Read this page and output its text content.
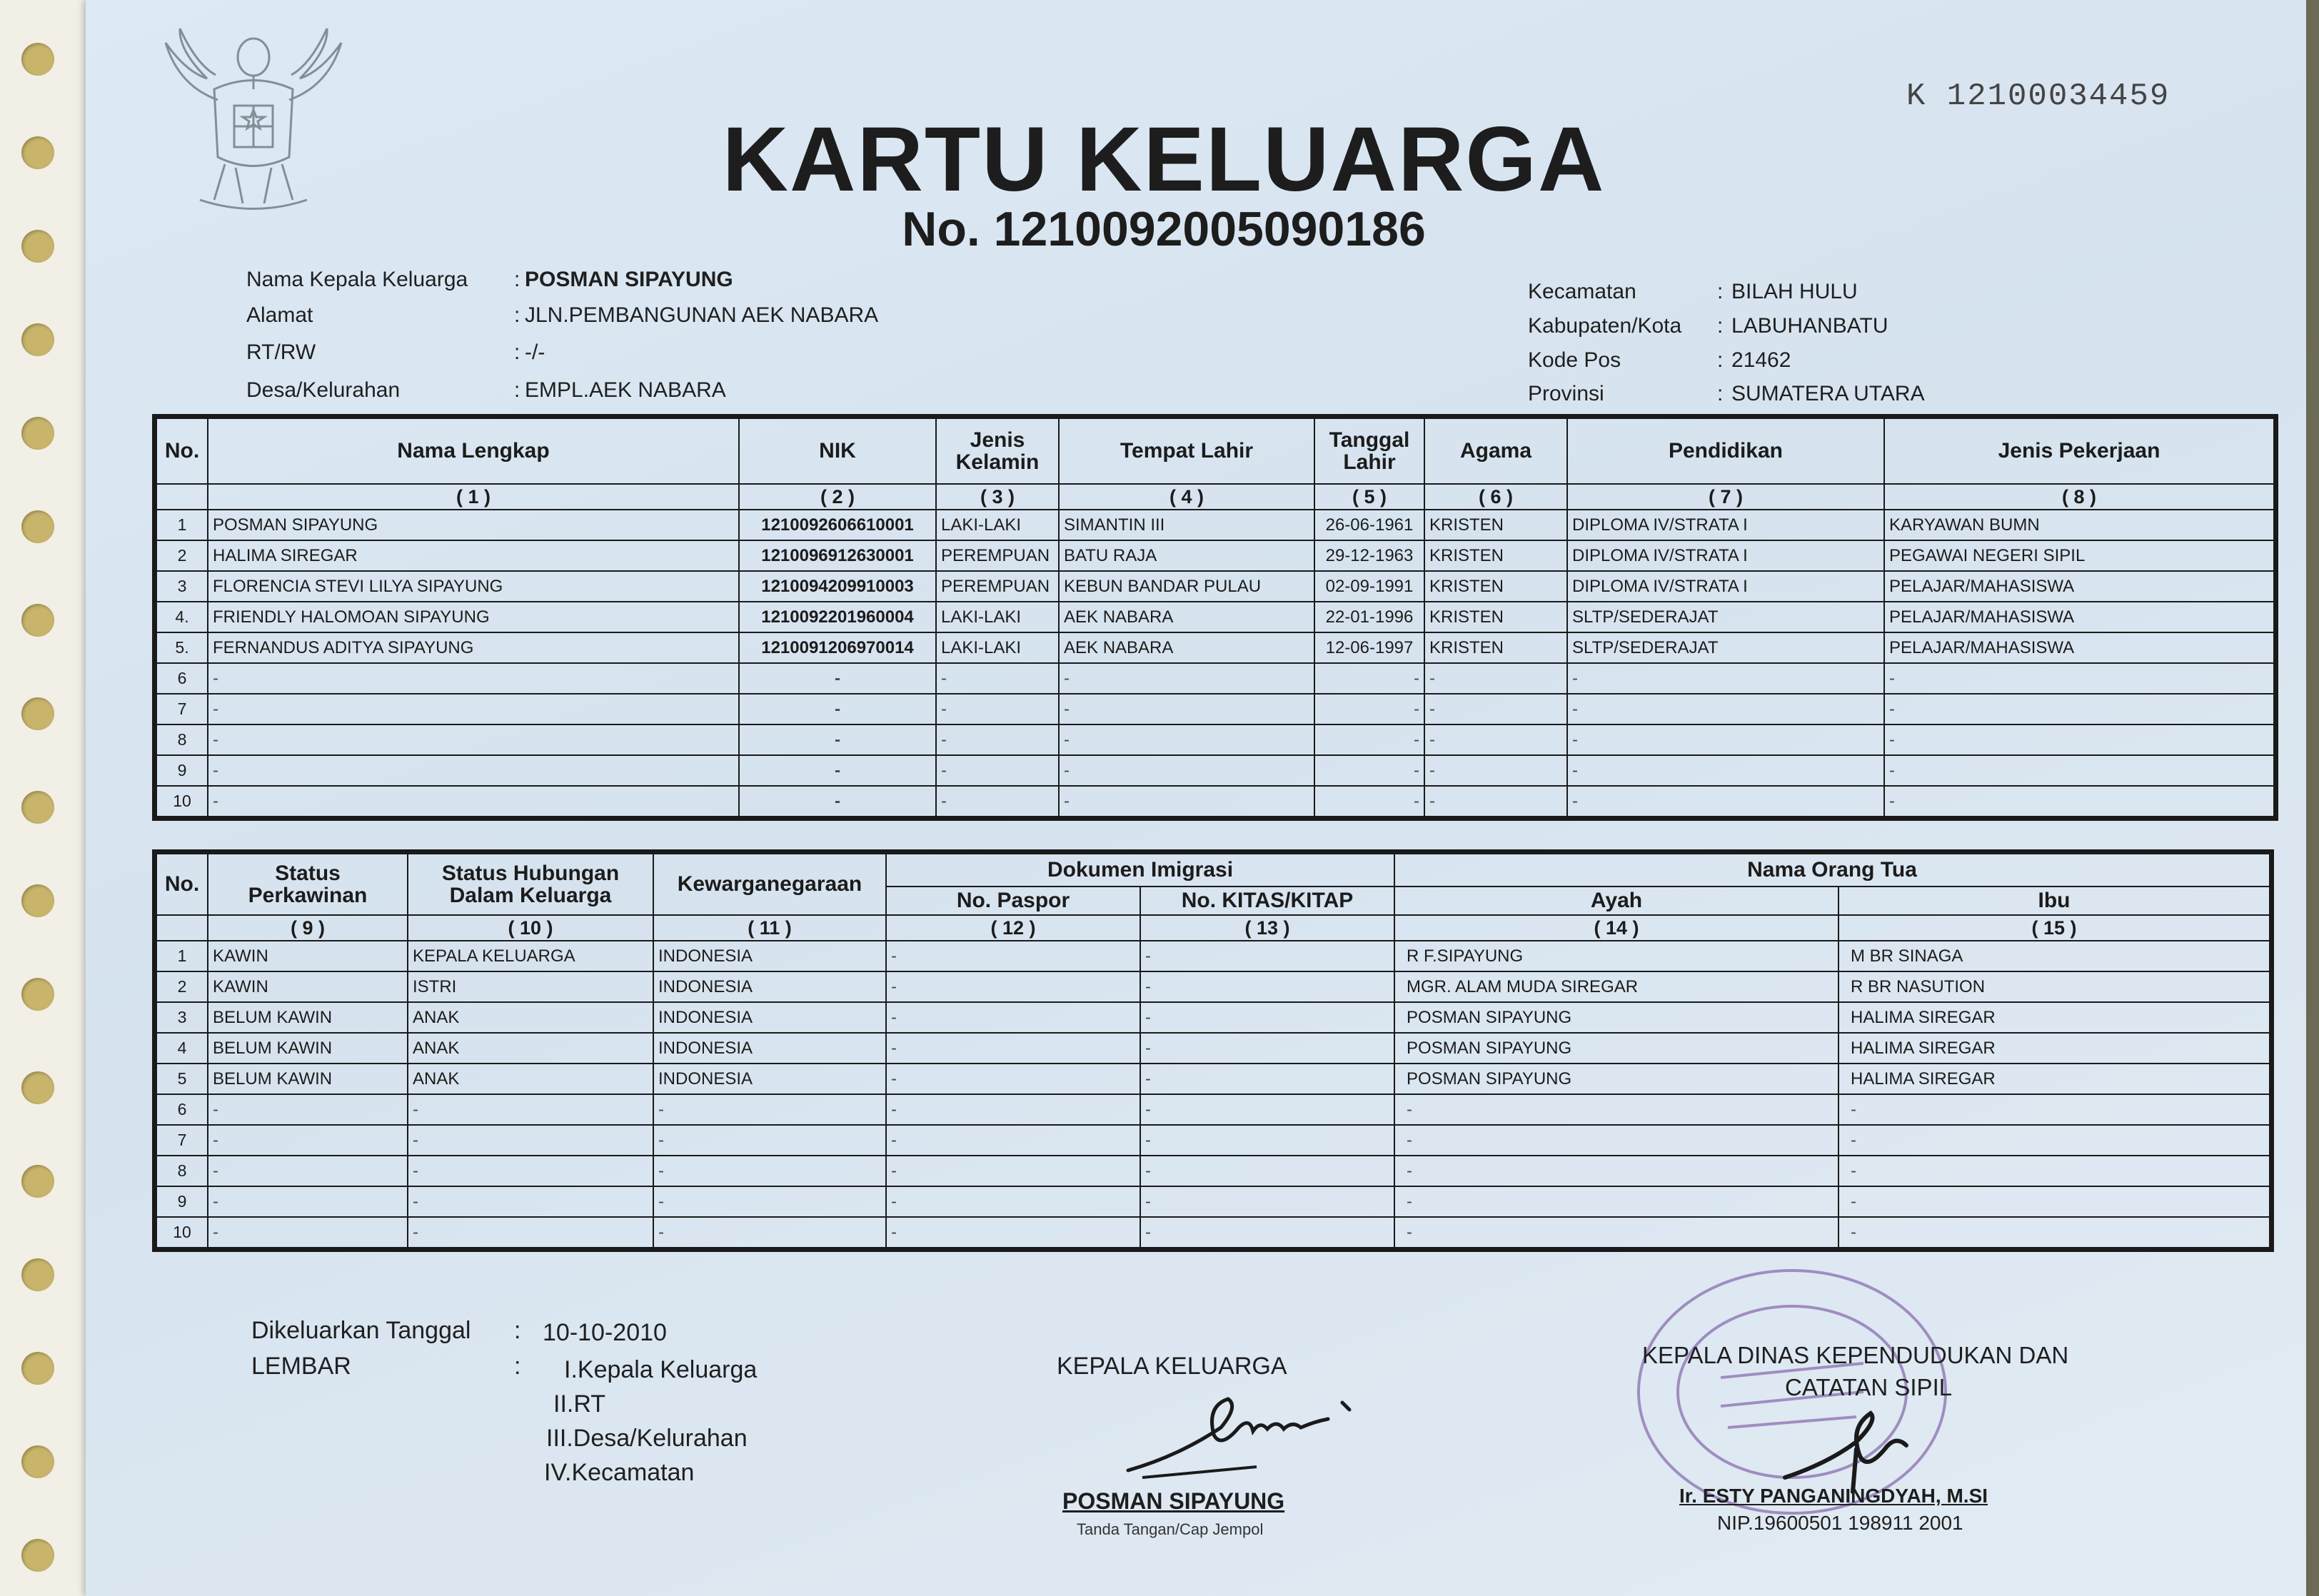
K 12100034459
KARTU KELUARGA
No. 1210092005090186
Nama Kepala Keluarga : POSMAN SIPAYUNG
Alamat	: JLN.PEMBANGUNAN AEK NABARA
RT/RW	: -/-
Desa/Kelurahan	: EMPL.AEK NABARA
Kecamatan	: BILAH HULU
Kabupaten/Kota : LABUHANBATU
Kode Pos	: 21462
Provinsi	: SUMATERA UTARA
No.	Nama Lengkap	NIK	Jenis Kelamin	Tempat Lahir	Tanggal Lahir	Agama	Pendidikan	Jenis Pekerjaan
	( 1 )	( 2 )	( 3 )	( 4 )	( 5 )	( 6 )	( 7 )	( 8 )
1	POSMAN SIPAYUNG	1210092606610001	LAKI-LAKI	SIMANTIN III	26-06-1961	KRISTEN	DIPLOMA IV/STRATA I	KARYAWAN BUMN
2	HALIMA SIREGAR	1210096912630001	PEREMPUAN	BATU RAJA	29-12-1963	KRISTEN	DIPLOMA IV/STRATA I	PEGAWAI NEGERI SIPIL
3	FLORENCIA STEVI LILYA SIPAYUNG	1210094209910003	PEREMPUAN	KEBUN BANDAR PULAU	02-09-1991	KRISTEN	DIPLOMA IV/STRATA I	PELAJAR/MAHASISWA
4.	FRIENDLY HALOMOAN SIPAYUNG	1210092201960004	LAKI-LAKI	AEK NABARA	22-01-1996	KRISTEN	SLTP/SEDERAJAT	PELAJAR/MAHASISWA
5.	FERNANDUS ADITYA SIPAYUNG	1210091206970014	LAKI-LAKI	AEK NABARA	12-06-1997	KRISTEN	SLTP/SEDERAJAT	PELAJAR/MAHASISWA
6	-	-	-	-	-	-	-	-
7	-	-	-	-	-	-	-	-
8	-	-	-	-	-	-	-	-
9	-	-	-	-	-	-	-	-
10	-	-	-	-	-	-	-	-
No.	Status Perkawinan	Status Hubungan Dalam Keluarga	Kewarganegaraan	Dokumen Imigrasi		Nama Orang Tua	
				No. Paspor	No. KITAS/KITAP	Ayah	Ibu
	( 9 )	( 10 )	( 11 )	( 12 )	( 13 )	( 14 )	( 15 )
1	KAWIN	KEPALA KELUARGA	INDONESIA	-	-	R F.SIPAYUNG	M BR SINAGA
2	KAWIN	ISTRI	INDONESIA	-	-	MGR. ALAM MUDA SIREGAR	R BR NASUTION
3	BELUM KAWIN	ANAK	INDONESIA	-	-	POSMAN SIPAYUNG	HALIMA SIREGAR
4	BELUM KAWIN	ANAK	INDONESIA	-	-	POSMAN SIPAYUNG	HALIMA SIREGAR
5	BELUM KAWIN	ANAK	INDONESIA	-	-	POSMAN SIPAYUNG	HALIMA SIREGAR
6	-	-	-	-	-	-	-
7	-	-	-	-	-	-	-
8	-	-	-	-	-	-	-
9	-	-	-	-	-	-	-
10	-	-	-	-	-	-	-
Dikeluarkan Tanggal : 10-10-2010
LEMBAR	: I.Kepala Keluarga
II.RT
III.Desa/Kelurahan
IV.Kecamatan
KEPALA KELUARGA
POSMAN SIPAYUNG
Tanda Tangan/Cap Jempol
KEPALA DINAS KEPENDUDUKAN DAN
CATATAN SIPIL
Ir. ESTY PANGANINGDYAH, M.SI
NIP.19600501 198911 2001
